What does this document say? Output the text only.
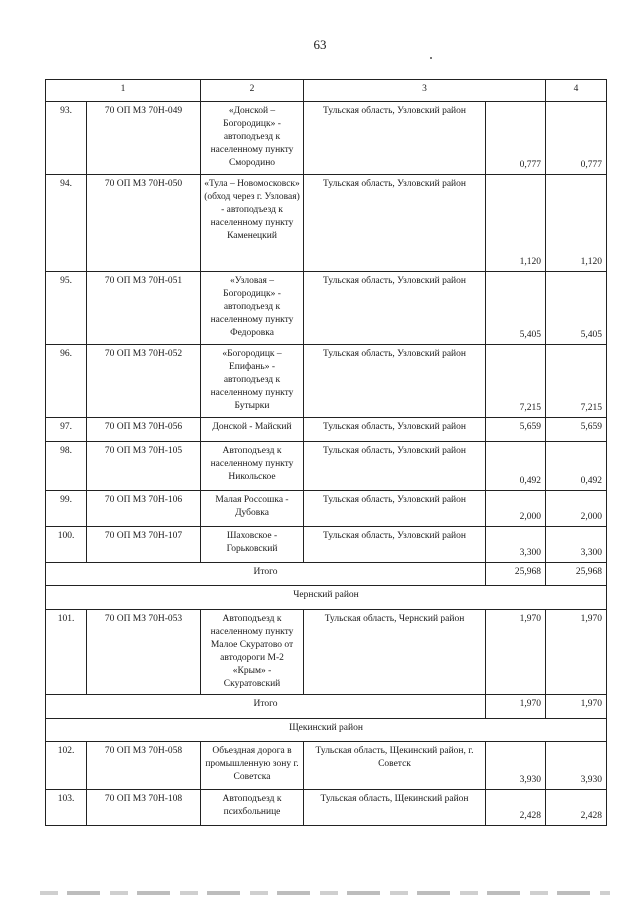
63
1		2	3		4
93.	70 ОП МЗ 70Н-049	«Донской – Богородицк» - автоподъезд к населенному пункту Смородино	Тульская область, Узловский район	0,777	0,777
94.	70 ОП МЗ 70Н-050	«Тула – Новомосковск» (обход через г. Узловая) - автоподъезд к населенному пункту Каменецкий	Тульская область, Узловский район	1,120	1,120
95.	70 ОП МЗ 70Н-051	«Узловая – Богородицк» - автоподъезд к населенному пункту Федоровка	Тульская область, Узловский район	5,405	5,405
96.	70 ОП МЗ 70Н-052	«Богородицк – Епифань» - автоподъезд к населенному пункту Бутырки	Тульская область, Узловский район	7,215	7,215
97.	70 ОП МЗ 70Н-056	Донской - Майский	Тульская область, Узловский район	5,659	5,659
98.	70 ОП МЗ 70Н-105	Автоподъезд к населенному пункту Никольское	Тульская область, Узловский район	0,492	0,492
99.	70 ОП МЗ 70Н-106	Малая Россошка - Дубовка	Тульская область, Узловский район	2,000	2,000
100.	70 ОП МЗ 70Н-107	Шаховское - Горьковский	Тульская область, Узловский район	3,300	3,300
Итого				25,968	25,968
Чернский район					
101.	70 ОП МЗ 70Н-053	Автоподъезд к населенному пункту Малое Скуратово от автодороги М-2 «Крым» - Скуратовский	Тульская область, Чернский район	1,970	1,970
Итого				1,970	1,970
Щекинский район					
102.	70 ОП МЗ 70Н-058	Объездная дорога в промышленную зону г. Советска	Тульская область, Щекинский район, г. Советск	3,930	3,930
103.	70 ОП МЗ 70Н-108	Автоподъезд к психбольнице	Тульская область, Щекинский район	2,428	2,428
